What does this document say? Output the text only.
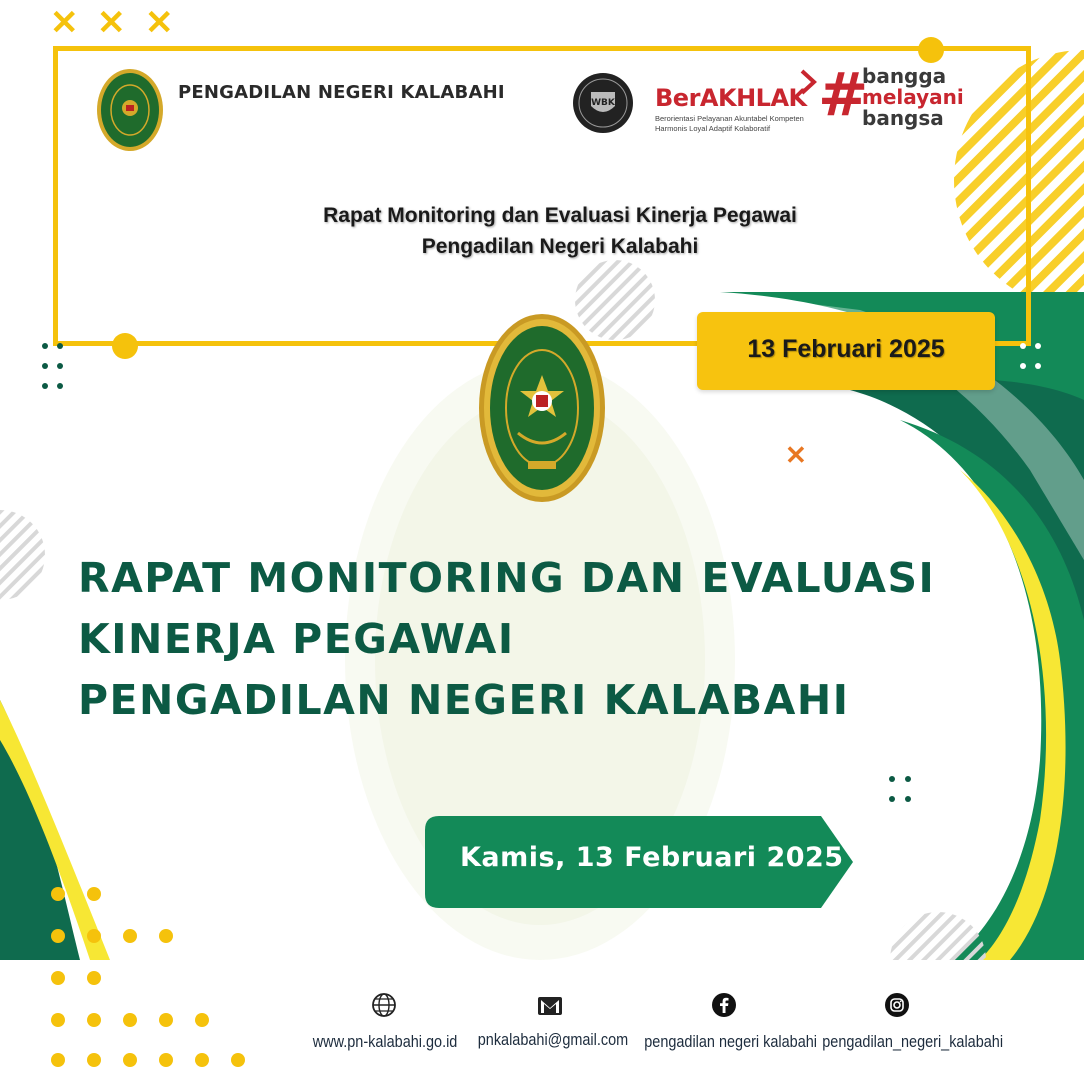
✕ ✕ ✕
✕
PENGADILAN NEGERI KALABAHI	WBK BerAKHLAK
Berorientasi Pelayanan Akuntabel Kompeten
Harmonis Loyal Adaptif Kolaboratif #
bangga
melayani
bangsa
Rapat Monitoring dan Evaluasi Kinerja Pegawai
Pengadilan Negeri Kalabahi
13 Februari 2025
RAPAT MONITORING DAN EVALUASI
KINERJA PEGAWAI
PENGADILAN NEGERI KALABAHI
Kamis, 13 Februari 2025
www.pn-kalabahi.go.id pnkalabahi@gmail.com pengadilan negeri kalabahi pengadilan_negeri_kalabahi
